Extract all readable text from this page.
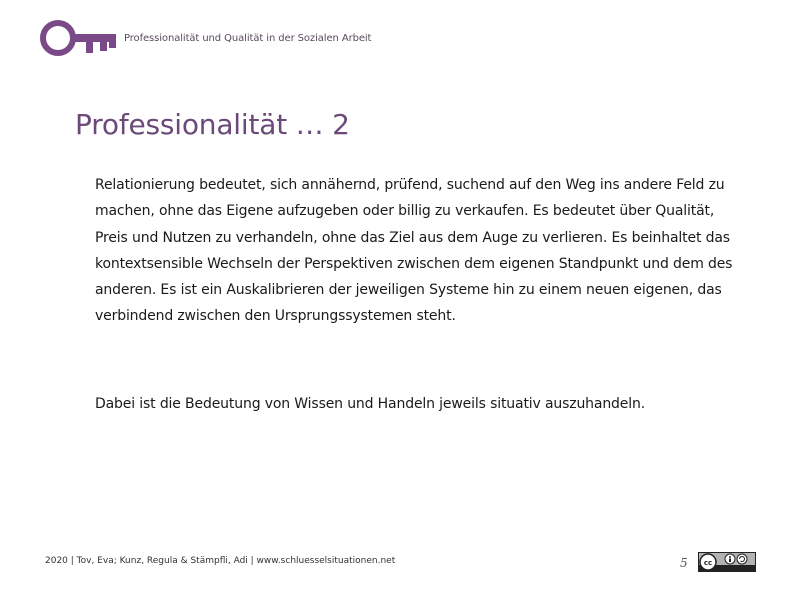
Professionalität und Qualität in der Sozialen Arbeit
Professionalität … 2

Relationierung bedeutet, sich annähernd, prüfend, suchend auf den Weg ins andere Feld zu machen, ohne das Eigene aufzugeben oder billig zu verkaufen. Es bedeutet über Qualität, Preis und Nutzen zu verhandeln, ohne das Ziel aus dem Auge zu verlieren. Es beinhaltet das kontextsensible Wechseln der Perspektiven zwischen dem eigenen Standpunkt und dem des anderen. Es ist ein Auskalibrieren der jeweiligen Systeme hin zu einem neuen eigenen, das verbindend zwischen den Ursprungssystemen steht.

Dabei ist die Bedeutung von Wissen und Handeln jeweils situativ auszuhandeln.

2020 | Tov, Eva; Kunz, Regula & Stämpfli, Adi | www.schluesselsituationen.net	5 cc
